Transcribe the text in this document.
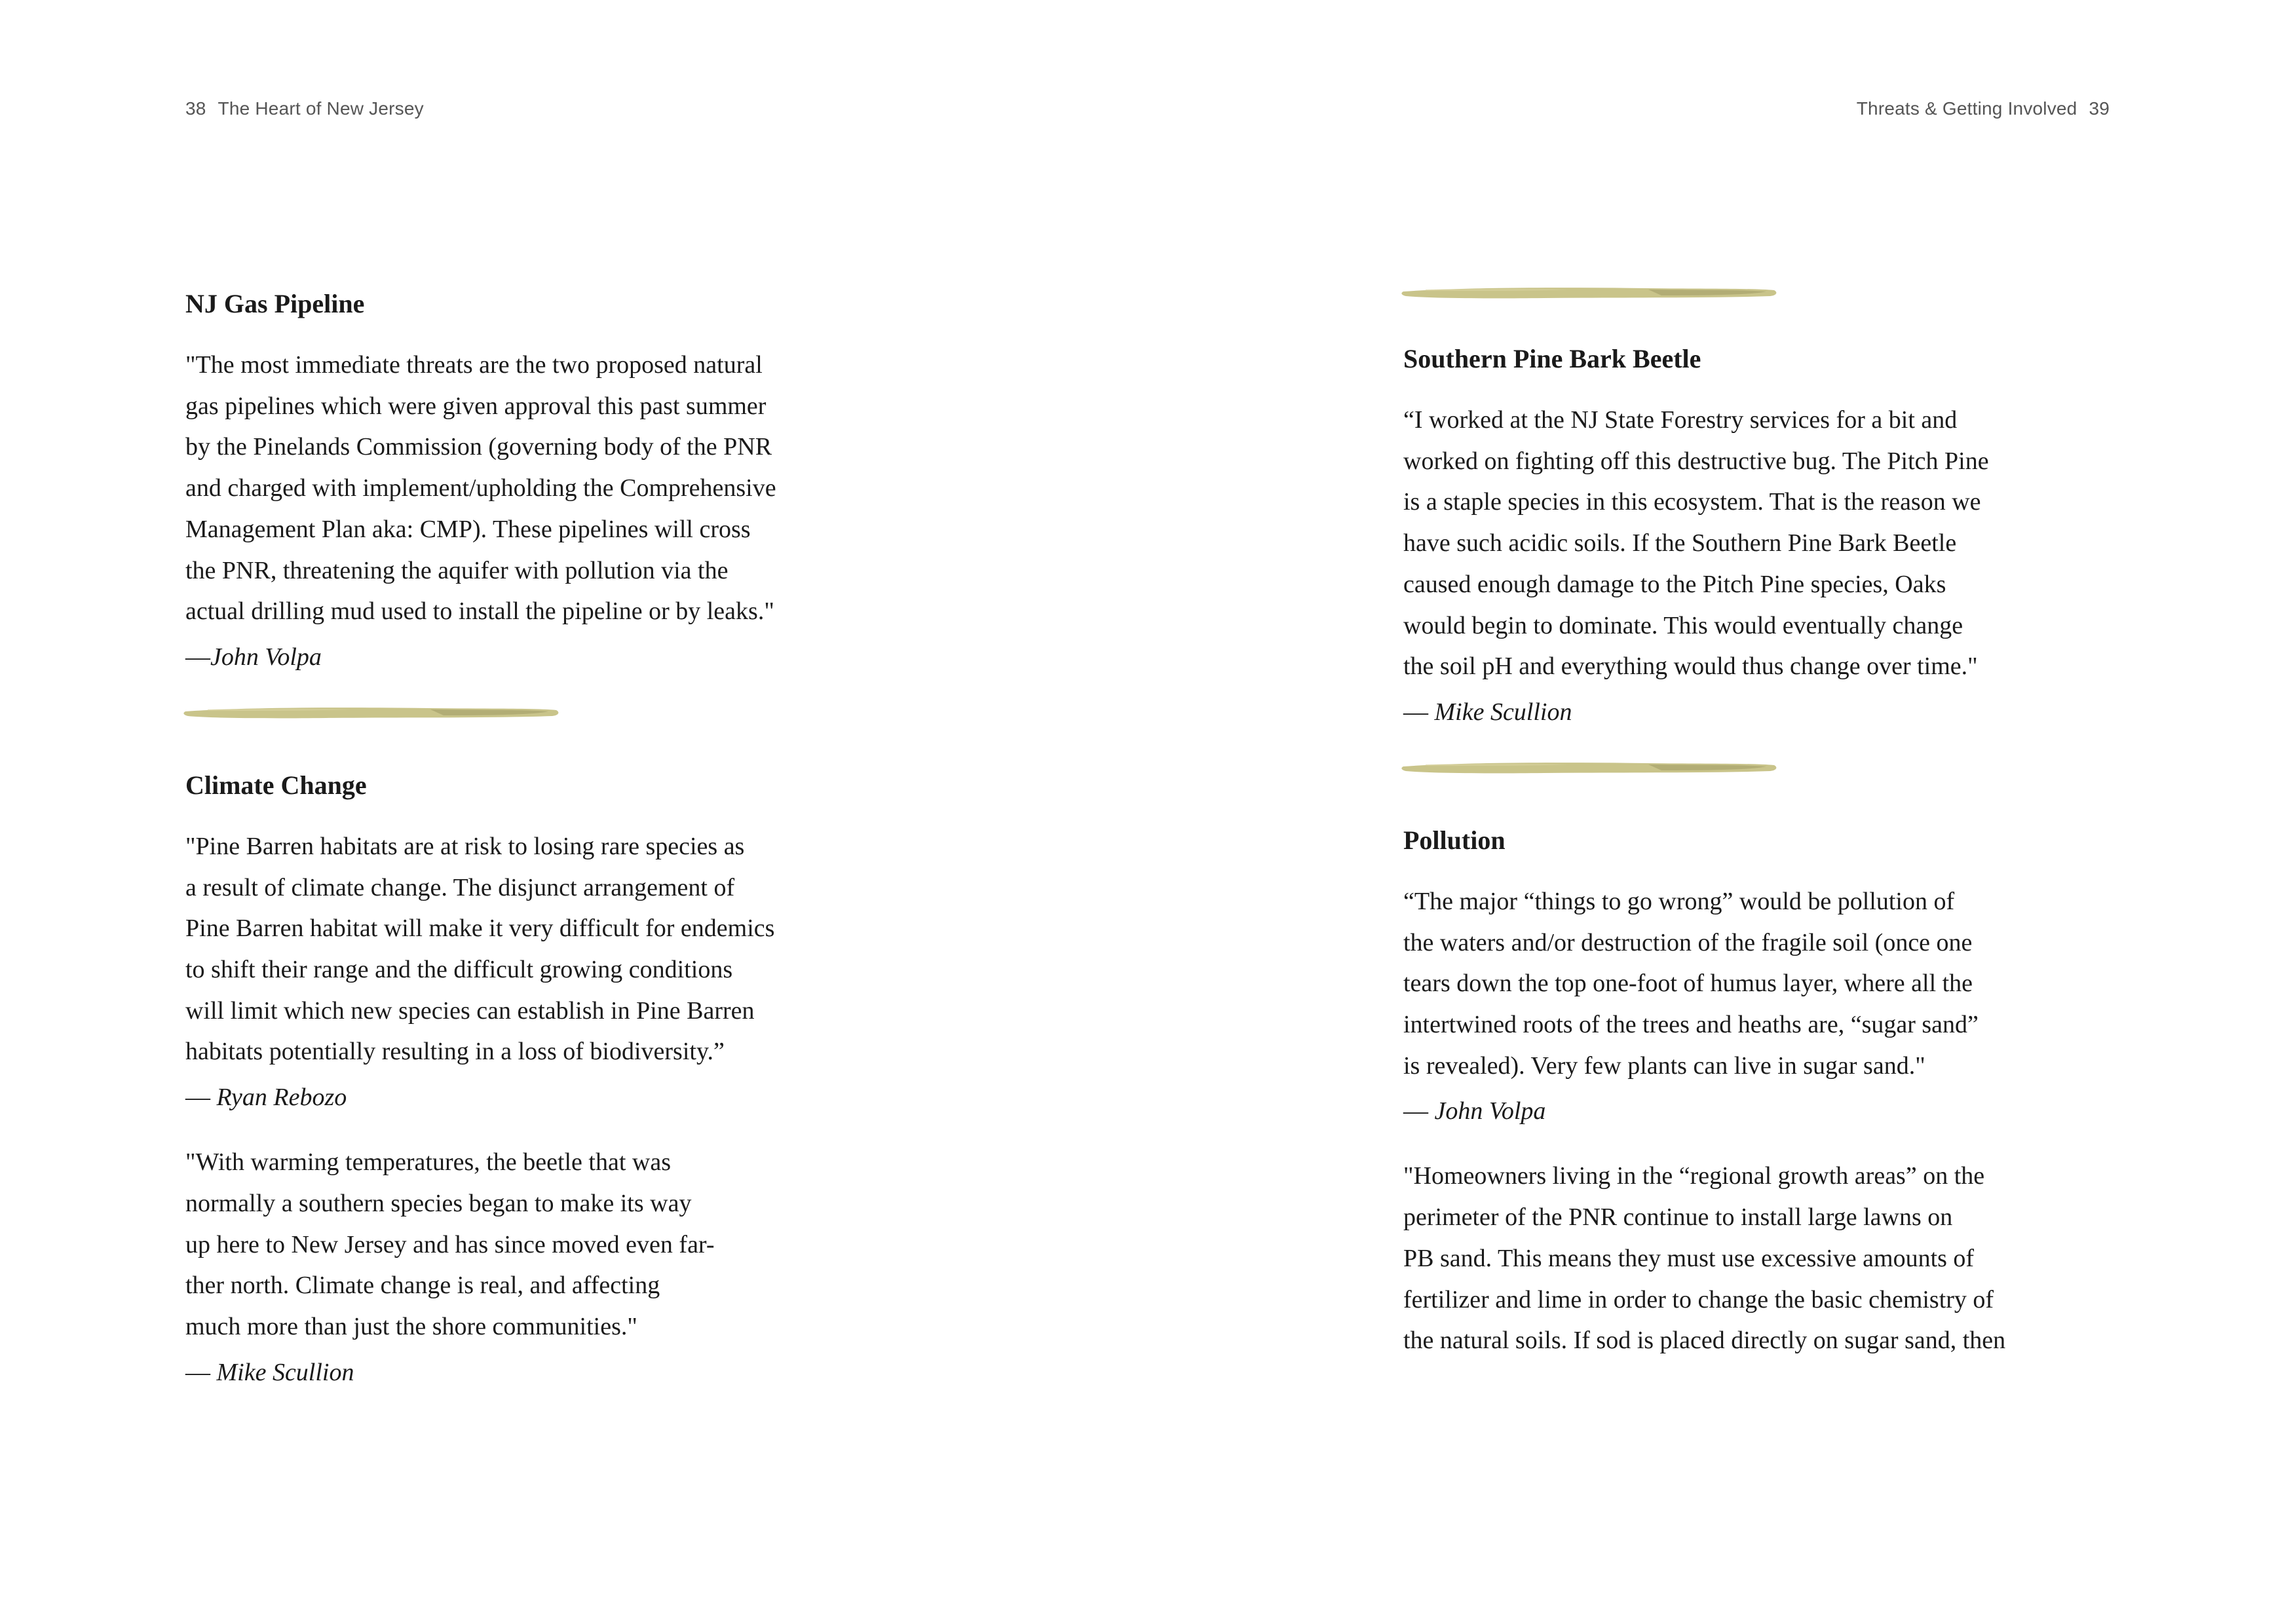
38 The Heart of New Jersey
NJ Gas Pipeline
"The most immediate threats are the two proposed natural
gas pipelines which were given approval this past summer
by the Pinelands Commission (governing body of the PNR
and charged with implement/upholding the Comprehensive
Management Plan aka: CMP). These pipelines will cross
the PNR, threatening the aquifer with pollution via the
actual drilling mud used to install the pipeline or by leaks."
—John Volpa
Climate Change
"Pine Barren habitats are at risk to losing rare species as
a result of climate change. The disjunct arrangement of
Pine Barren habitat will make it very difficult for endemics
to shift their range and the difficult growing conditions
will limit which new species can establish in Pine Barren
habitats potentially resulting in a loss of biodiversity.”
— Ryan Rebozo
"With warming temperatures, the beetle that was
normally a southern species began to make its way
up here to New Jersey and has since moved even far-
ther north. Climate change is real, and affecting
much more than just the shore communities."
— Mike Scullion
Threats & Getting Involved 39
Southern Pine Bark Beetle
“I worked at the NJ State Forestry services for a bit and
worked on fighting off this destructive bug. The Pitch Pine
is a staple species in this ecosystem. That is the reason we
have such acidic soils. If the Southern Pine Bark Beetle
caused enough damage to the Pitch Pine species, Oaks
would begin to dominate. This would eventually change
the soil pH and everything would thus change over time."
— Mike Scullion
Pollution
“The major “things to go wrong” would be pollution of
the waters and/or destruction of the fragile soil (once one
tears down the top one-foot of humus layer, where all the
intertwined roots of the trees and heaths are, “sugar sand”
is revealed). Very few plants can live in sugar sand."
— John Volpa
"Homeowners living in the “regional growth areas” on the
perimeter of the PNR continue to install large lawns on
PB sand. This means they must use excessive amounts of
fertilizer and lime in order to change the basic chemistry of
the natural soils. If sod is placed directly on sugar sand, then
